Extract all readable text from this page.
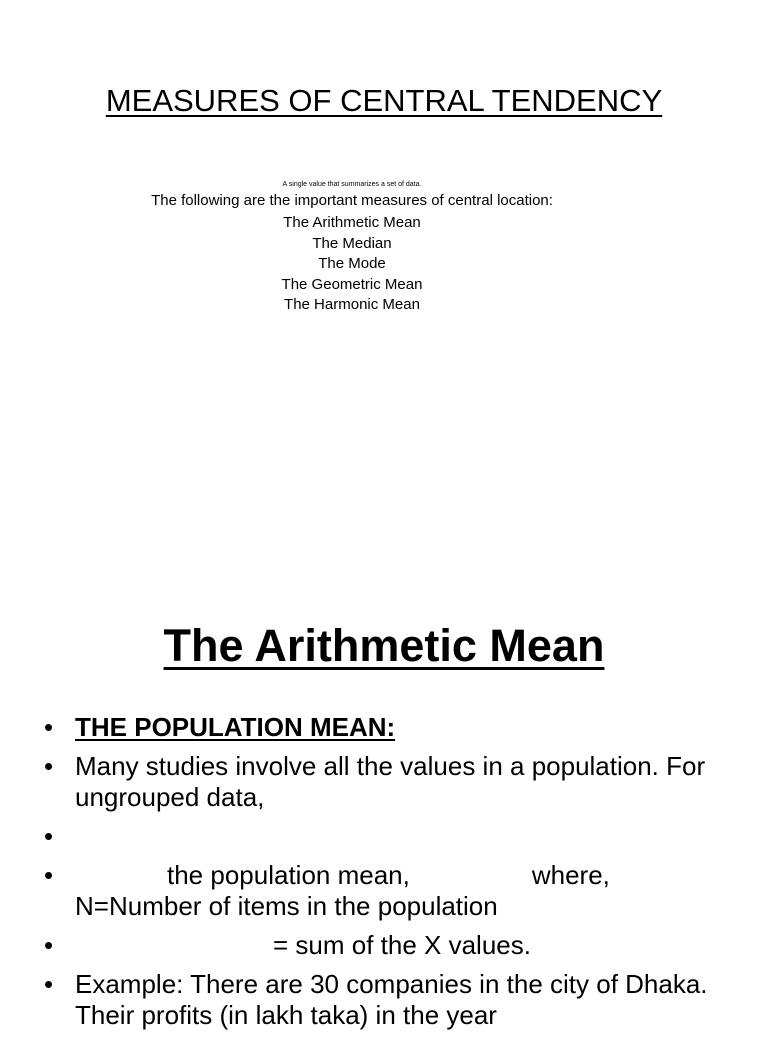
MEASURES OF CENTRAL TENDENCY
A single value that summarizes a set of data.
The following are the important measures of central location:
The Arithmetic Mean
The Median
The Mode
The Geometric Mean
The Harmonic Mean
The Arithmetic Mean
• THE POPULATION MEAN:
• Many studies involve all the values in a population. For ungrouped data,
•

•	the population mean,	where, N=Number of items in the population
•	= sum of the X values.
• Example: There are 30 companies in the city of Dhaka. Their profits (in lakh taka) in the year
